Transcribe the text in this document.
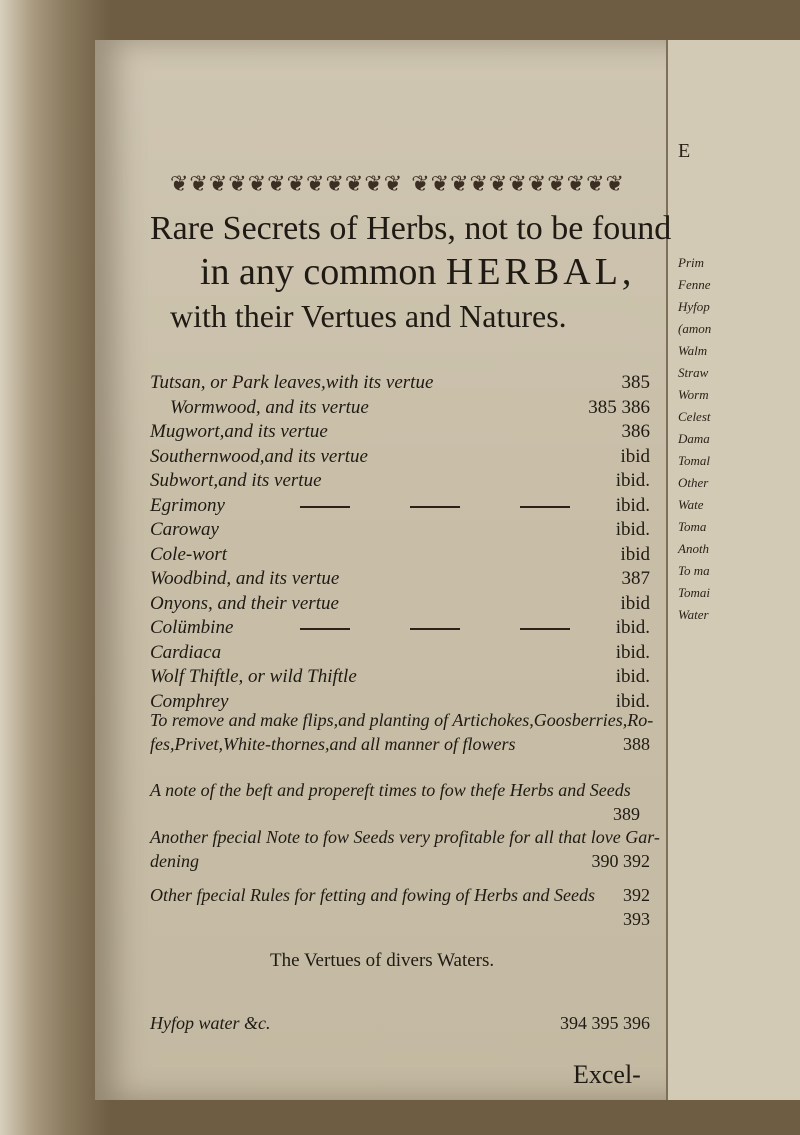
E
Prim
Fenne
Hyfop
(amon
Walm
Straw
Worm
Celest
Dama
Tomal
Other
Wate
Toma
Anoth
To ma
Tomai
Water
❦❦❦❦❦❦❦❦❦❦❦❦ ❦❦❦❦❦❦❦❦❦❦❦
Rare Secrets of Herbs, not to be found
in any common HERBAL,
with their Vertues and Natures.
Tutsan, or Park leaves,with its vertue	385
Wormwood, and its vertue	385 386
Mugwort,and its vertue	386
Southernwood,and its vertue	ibid
Subwort,and its vertue	ibid.
Egrimony	ibid.
Caroway	ibid.
Cole-wort	ibid
Woodbind, and its vertue	387
Onyons, and their vertue	ibid
Colümbine	ibid.
Cardiaca	ibid.
Wolf Thiftle, or wild Thiftle	ibid.
Comphrey	ibid.
To remove and make flips,and planting of Artichokes,Goosberries,Ro-
fes,Privet,White-thornes,and all manner of flowers	388
A note of the beft and propereft times to fow thefe Herbs and Seeds
389
Another fpecial Note to fow Seeds very profitable for all that love Gar-
dening	390 392
Other fpecial Rules for fetting and fowing of Herbs and Seeds 392
393
The Vertues of divers Waters.
Hyfop water &c.	394 395 396
Excel-
